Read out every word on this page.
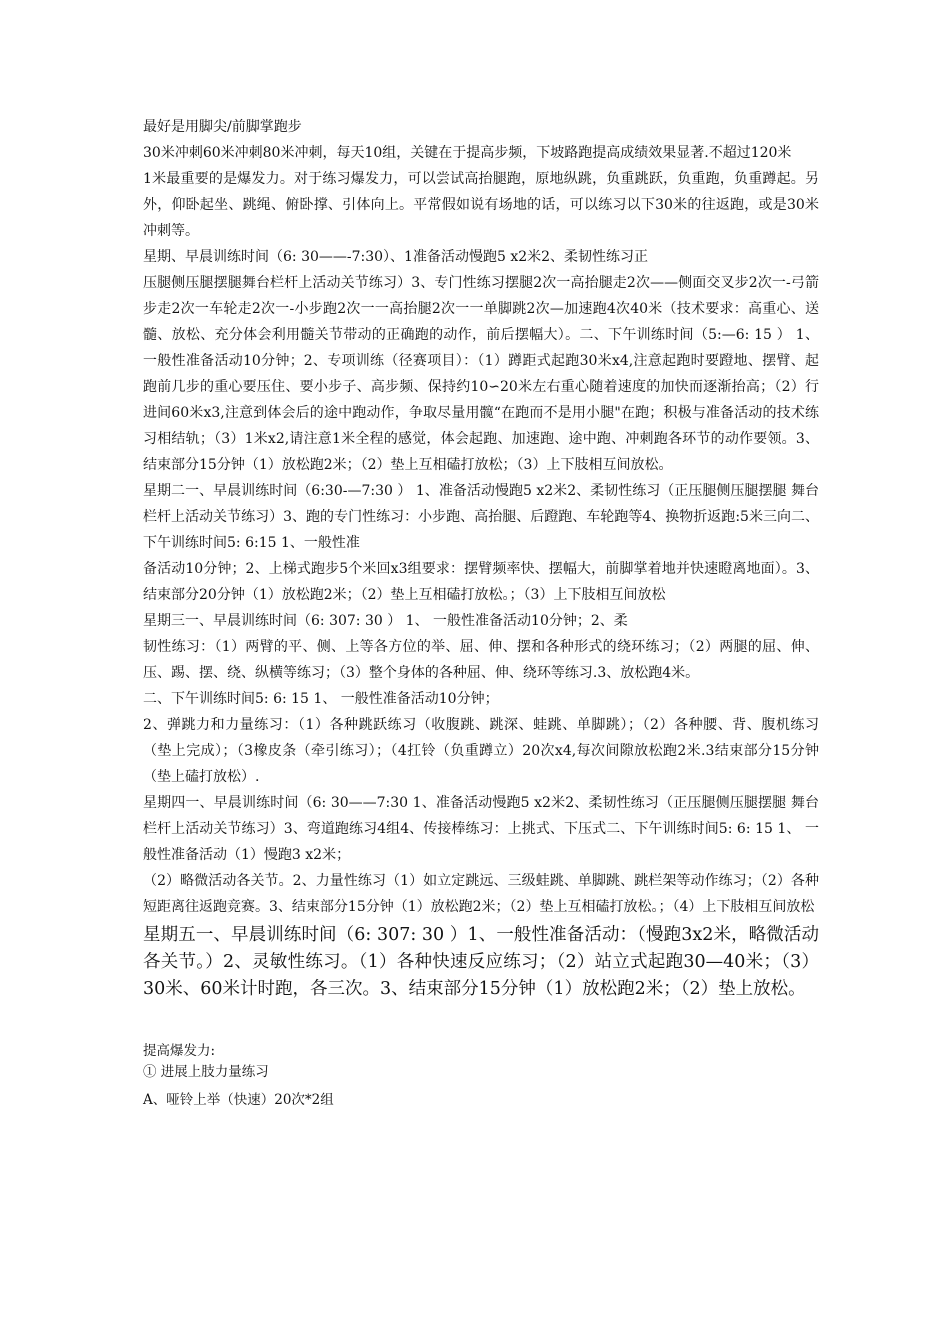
最好是用脚尖/前脚掌跑步

30米冲刺60米冲刺80米冲刺，每天10组，关键在于提高步频，下坡路跑提高成绩效果显著.不超过120米

1米最重要的是爆发力。对于练习爆发力，可以尝试高抬腿跑，原地纵跳，负重跳跃，负重跑，负重蹲起。另外，仰卧起坐、跳绳、俯卧撑、引体向上。平常假如说有场地的话，可以练习以下30米的往返跑，或是30米冲刺等。

星期、早晨训练时间（6: 30——-7:30）、1准备活动慢跑5 x2米2、柔韧性练习正

压腿侧压腿摆腿舞台栏杆上活动关节练习）3、专门性练习摆腿2次一高抬腿走2次——侧面交叉步2次一-弓箭步走2次一车轮走2次一-小步跑2次一一高抬腿2次一一单脚跳2次—加速跑4次40米（技术要求：高重心、送髓、放松、充分体会利用髓关节带动的正确跑的动作，前后摆幅大）。二、下午训练时间（5:—6: 15 ） 1、 一般性准备活动10分钟；2、专项训练（径赛项目）：（1）蹲距式起跑30米x4,注意起跑时要蹬地、摆臂、起跑前几步的重心要压住、要小步子、高步频、保持约10∽20米左右重心随着速度的加快而逐渐抬高；（2）行进间60米x3,注意到体会后的途中跑动作，争取尽量用髋“在跑而不是用小腿"在跑；积极与准备活动的技术练习相结轨；（3）1米x2,请注意1米全程的感觉，体会起跑、加速跑、途中跑、冲刺跑各环节的动作要领。3、结束部分15分钟（1）放松跑2米；（2）垫上互相磕打放松；（3）上下肢相互间放松。

星期二一、早晨训练时间（6:30-—7:30 ） 1、准备活动慢跑5 x2米2、柔韧性练习（正压腿侧压腿摆腿 舞台栏杆上活动关节练习）3、跑的专门性练习：小步跑、高抬腿、后蹬跑、车轮跑等4、换物折返跑:5米三向二、下午训练时间5: 6:15 1、一般性准

备活动10分钟；2、上梯式跑步5个米回x3组要求：摆臂频率快、摆幅大，前脚掌着地并快速瞪离地面）。3、结束部分20分钟（1）放松跑2米；（2）垫上互相磕打放松。；（3）上下肢相互间放松

星期三一、早晨训练时间（6: 307: 30 ） 1、 一般性准备活动10分钟；2、柔

韧性练习：（1）两臂的平、侧、上等各方位的举、屈、伸、摆和各种形式的绕环练习；（2）两腿的屈、伸、压、踢、摆、绕、纵横等练习；（3）整个身体的各种屈、伸、绕环等练习.3、放松跑4米。

二、下午训练时间5: 6: 15 1、 一般性准备活动10分钟；

2、弹跳力和力量练习：（1）各种跳跃练习（收腹跳、跳深、蛙跳、单脚跳）；（2）各种腰、背、腹机练习（垫上完成）；（3橡皮条（牵引练习）；（4扛铃（负重蹲立）20次x4,每次间隙放松跑2米.3结束部分15分钟（垫上磕打放松）.

星期四一、早晨训练时间（6: 30——7:30 1、准备活动慢跑5 x2米2、柔韧性练习（正压腿侧压腿摆腿 舞台栏杆上活动关节练习）3、弯道跑练习4组4、传接棒练习：上挑式、下压式二、下午训练时间5: 6: 15 1、 一般性准备活动（1）慢跑3 x2米；

（2）略微活动各关节。2、力量性练习（1）如立定跳远、三级蛙跳、单脚跳、跳栏架等动作练习；（2）各种短距离往返跑竞赛。3、结束部分15分钟（1）放松跑2米；（2）垫上互相磕打放松。；（4）上下肢相互间放松

星期五一、早晨训练时间（6: 307: 30 ）1、一般性准备活动：（慢跑3x2米，略微活动各关节。）2、灵敏性练习。（1）各种快速反应练习；（2）站立式起跑30—40米；（3）30米、60米计时跑，各三次。3、结束部分15分钟（1）放松跑2米；（2）垫上放松。

提高爆发力:

① 进展上肢力量练习

A、哑铃上举（快速）20次*2组
